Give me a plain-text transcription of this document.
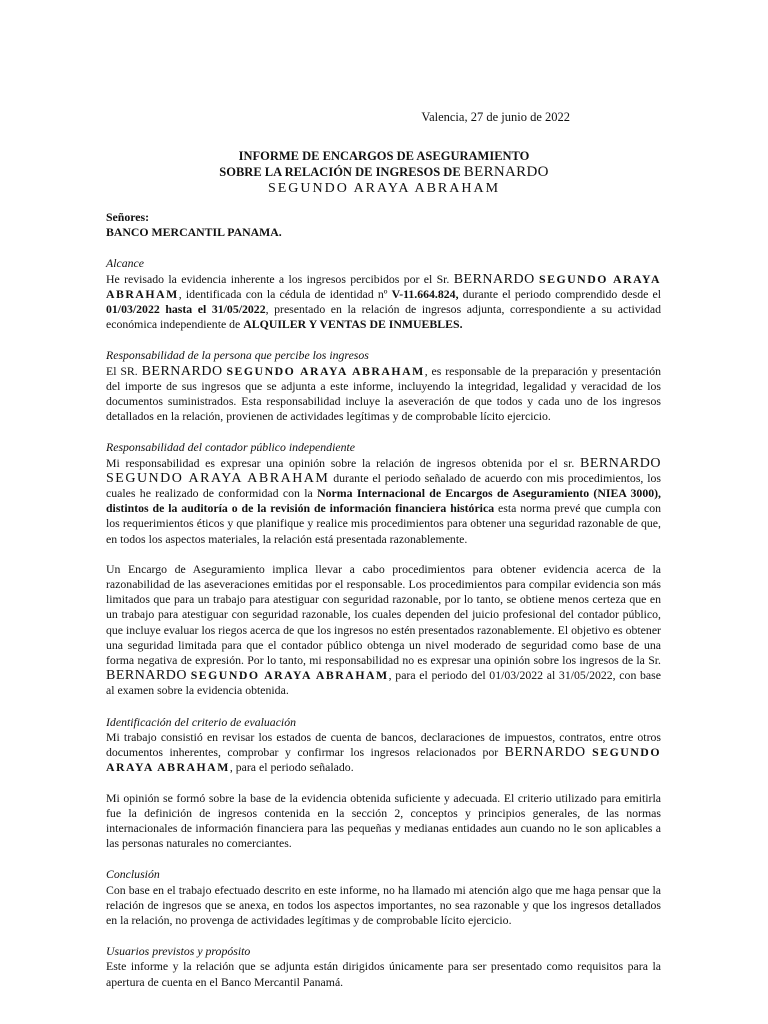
Valencia, 27 de junio de 2022
INFORME DE ENCARGOS DE ASEGURAMIENTO
SOBRE LA RELACIÓN DE INGRESOS DE BERNARDO
SEGUNDO ARAYA ABRAHAM

Señores:
BANCO MERCANTIL PANAMA.

Alcance

He revisado la evidencia inherente a los ingresos percibidos por el Sr. BERNARDO SEGUNDO ARAYA ABRAHAM, identificada con la cédula de identidad nº V-11.664.824, durante el periodo comprendido desde el 01/03/2022 hasta el 31/05/2022, presentado en la relación de ingresos adjunta, correspondiente a su actividad económica independiente de ALQUILER Y VENTAS DE INMUEBLES.

Responsabilidad de la persona que percibe los ingresos

El SR. BERNARDO SEGUNDO ARAYA ABRAHAM, es responsable de la preparación y presentación del importe de sus ingresos que se adjunta a este informe, incluyendo la integridad, legalidad y veracidad de los documentos suministrados. Esta responsabilidad incluye la aseveración de que todos y cada uno de los ingresos detallados en la relación, provienen de actividades legítimas y de comprobable lícito ejercicio.

Responsabilidad del contador público independiente

Mi responsabilidad es expresar una opinión sobre la relación de ingresos obtenida por el sr. BERNARDO SEGUNDO ARAYA ABRAHAM durante el periodo señalado de acuerdo con mis procedimientos, los cuales he realizado de conformidad con la Norma Internacional de Encargos de Aseguramiento (NIEA 3000), distintos de la auditoría o de la revisión de información financiera histórica esta norma prevé que cumpla con los requerimientos éticos y que planifique y realice mis procedimientos para obtener una seguridad razonable de que, en todos los aspectos materiales, la relación está presentada razonablemente.

Un Encargo de Aseguramiento implica llevar a cabo procedimientos para obtener evidencia acerca de la razonabilidad de las aseveraciones emitidas por el responsable. Los procedimientos para compilar evidencia son más limitados que para un trabajo para atestiguar con seguridad razonable, por lo tanto, se obtiene menos certeza que en un trabajo para atestiguar con seguridad razonable, los cuales dependen del juicio profesional del contador público, que incluye evaluar los riegos acerca de que los ingresos no estén presentados razonablemente. El objetivo es obtener una seguridad limitada para que el contador público obtenga un nivel moderado de seguridad como base de una forma negativa de expresión. Por lo tanto, mi responsabilidad no es expresar una opinión sobre los ingresos de la Sr. BERNARDO SEGUNDO ARAYA ABRAHAM, para el periodo del 01/03/2022 al 31/05/2022, con base al examen sobre la evidencia obtenida.

Identificación del criterio de evaluación

Mi trabajo consistió en revisar los estados de cuenta de bancos, declaraciones de impuestos, contratos, entre otros documentos inherentes, comprobar y confirmar los ingresos relacionados por BERNARDO SEGUNDO ARAYA ABRAHAM, para el periodo señalado.

Mi opinión se formó sobre la base de la evidencia obtenida suficiente y adecuada. El criterio utilizado para emitirla fue la definición de ingresos contenida en la sección 2, conceptos y principios generales, de las normas internacionales de información financiera para las pequeñas y medianas entidades aun cuando no le son aplicables a las personas naturales no comerciantes.

Conclusión

Con base en el trabajo efectuado descrito en este informe, no ha llamado mi atención algo que me haga pensar que la relación de ingresos que se anexa, en todos los aspectos importantes, no sea razonable y que los ingresos detallados en la relación, no provenga de actividades legítimas y de comprobable lícito ejercicio.

Usuarios previstos y propósito

Este informe y la relación que se adjunta están dirigidos únicamente para ser presentado como requisitos para la apertura de cuenta en el Banco Mercantil Panamá.
